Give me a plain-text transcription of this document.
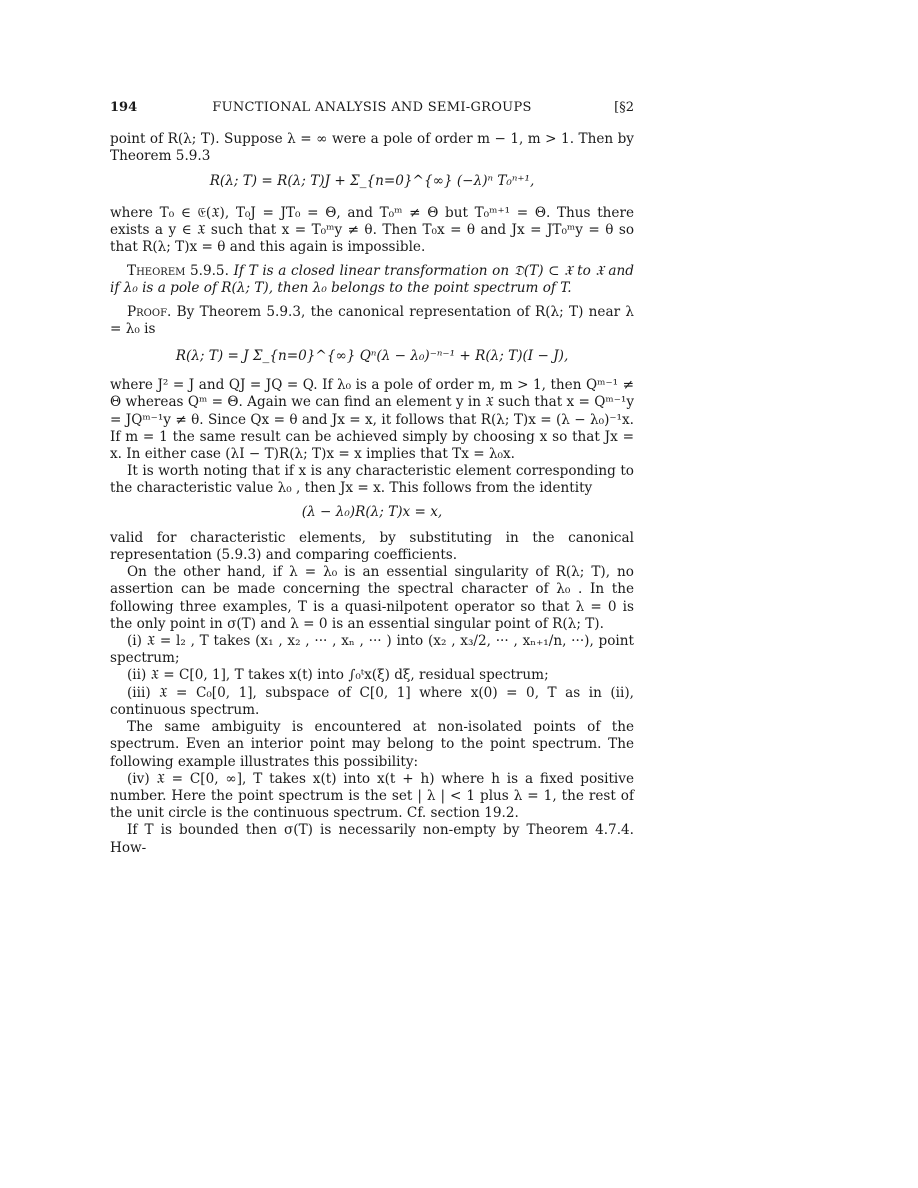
194	FUNCTIONAL ANALYSIS AND SEMI-GROUPS	[§2

point of R(λ; T). Suppose λ = ∞ were a pole of order m − 1, m > 1. Then by Theorem 5.9.3

R(λ; T) = R(λ; T)J + Σ_{n=0}^{∞} (−λ)ⁿ T₀ⁿ⁺¹,

where T₀ ∈ 𝔈(𝔛), T₀J = JT₀ = Θ, and T₀ᵐ ≠ Θ but T₀ᵐ⁺¹ = Θ. Thus there exists a y ∈ 𝔛 such that x = T₀ᵐy ≠ θ. Then T₀x = θ and Jx = JT₀ᵐy = θ so that R(λ; T)x = θ and this again is impossible.

Theorem 5.9.5. If T is a closed linear transformation on 𝔇(T) ⊂ 𝔛 to 𝔛 and if λ₀ is a pole of R(λ; T), then λ₀ belongs to the point spectrum of T.

Proof. By Theorem 5.9.3, the canonical representation of R(λ; T) near λ = λ₀ is

R(λ; T) = J Σ_{n=0}^{∞} Qⁿ(λ − λ₀)⁻ⁿ⁻¹ + R(λ; T)(I − J),

where J² = J and QJ = JQ = Q. If λ₀ is a pole of order m, m > 1, then Qᵐ⁻¹ ≠ Θ whereas Qᵐ = Θ. Again we can find an element y in 𝔛 such that x = Qᵐ⁻¹y = JQᵐ⁻¹y ≠ θ. Since Qx = θ and Jx = x, it follows that R(λ; T)x = (λ − λ₀)⁻¹x. If m = 1 the same result can be achieved simply by choosing x so that Jx = x. In either case (λI − T)R(λ; T)x = x implies that Tx = λ₀x.

It is worth noting that if x is any characteristic element corresponding to the characteristic value λ₀ , then Jx = x. This follows from the identity

(λ − λ₀)R(λ; T)x = x,

valid for characteristic elements, by substituting in the canonical representation (5.9.3) and comparing coefficients.

On the other hand, if λ = λ₀ is an essential singularity of R(λ; T), no assertion can be made concerning the spectral character of λ₀ . In the following three examples, T is a quasi-nilpotent operator so that λ = 0 is the only point in σ(T) and λ = 0 is an essential singular point of R(λ; T).

(i) 𝔛 = l₂ , T takes (x₁ , x₂ , ··· , xₙ , ··· ) into (x₂ , x₃/2, ··· , xₙ₊₁/n, ···), point spectrum;

(ii) 𝔛 = C[0, 1], T takes x(t) into ∫₀ᵗx(ξ) dξ, residual spectrum;

(iii) 𝔛 = C₀[0, 1], subspace of C[0, 1] where x(0) = 0, T as in (ii), continuous spectrum.

The same ambiguity is encountered at non-isolated points of the spectrum. Even an interior point may belong to the point spectrum. The following example illustrates this possibility:

(iv) 𝔛 = C[0, ∞], T takes x(t) into x(t + h) where h is a fixed positive number. Here the point spectrum is the set | λ | < 1 plus λ = 1, the rest of the unit circle is the continuous spectrum. Cf. section 19.2.

If T is bounded then σ(T) is necessarily non-empty by Theorem 4.7.4. How-
